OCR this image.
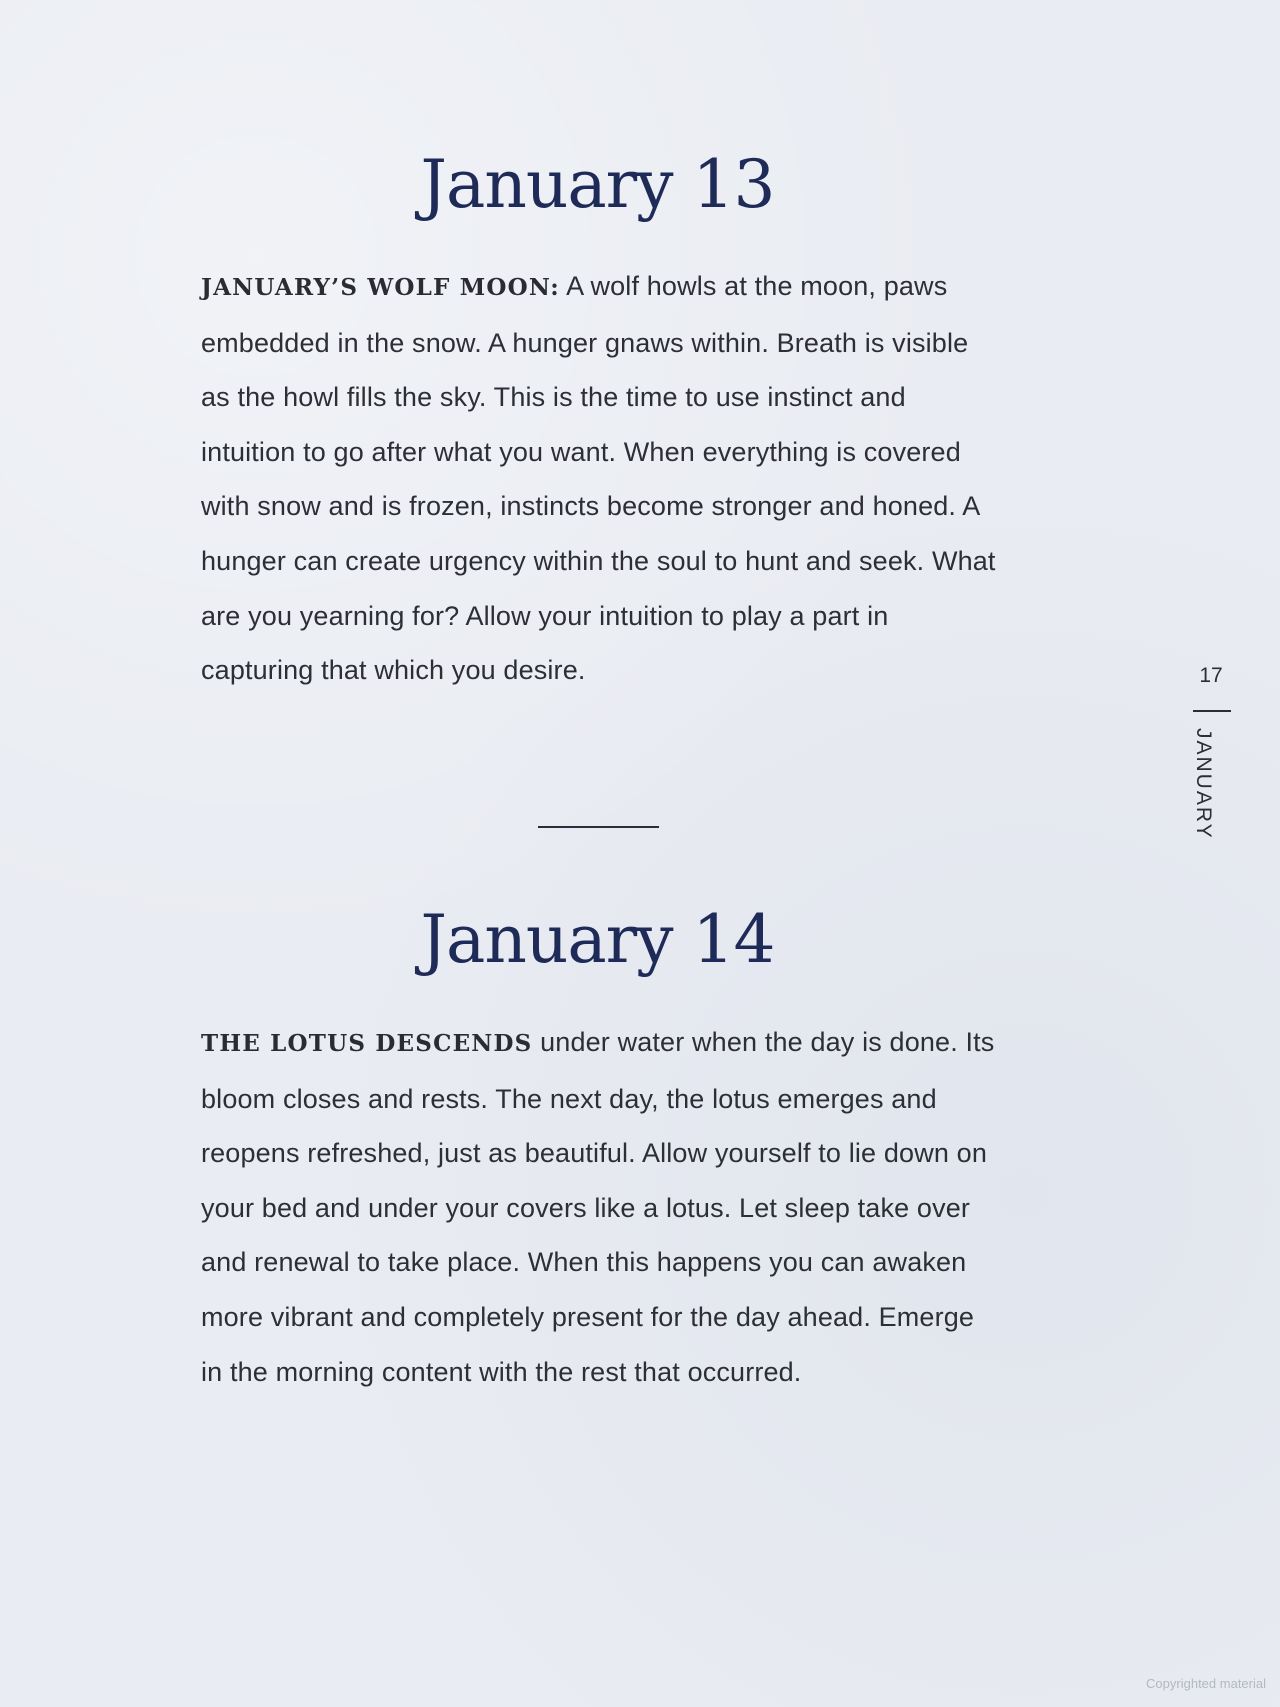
January 13

JANUARY’S WOLF MOON: A wolf howls at the moon, paws embedded in the snow. A hunger gnaws within. Breath is visible as the howl fills the sky. This is the time to use instinct and intuition to go after what you want. When everything is covered with snow and is frozen, instincts become stronger and honed. A hunger can create urgency within the soul to hunt and seek. What are you yearning for? Allow your intuition to play a part in capturing that which you desire.

January 14

THE LOTUS DESCENDS under water when the day is done. Its bloom closes and rests. The next day, the lotus emerges and reopens refreshed, just as beautiful. Allow yourself to lie down on your bed and under your covers like a lotus. Let sleep take over and renewal to take place. When this happens you can awaken more vibrant and completely present for the day ahead. Emerge in the morning content with the rest that occurred.

17
JANUARY
Copyrighted material
